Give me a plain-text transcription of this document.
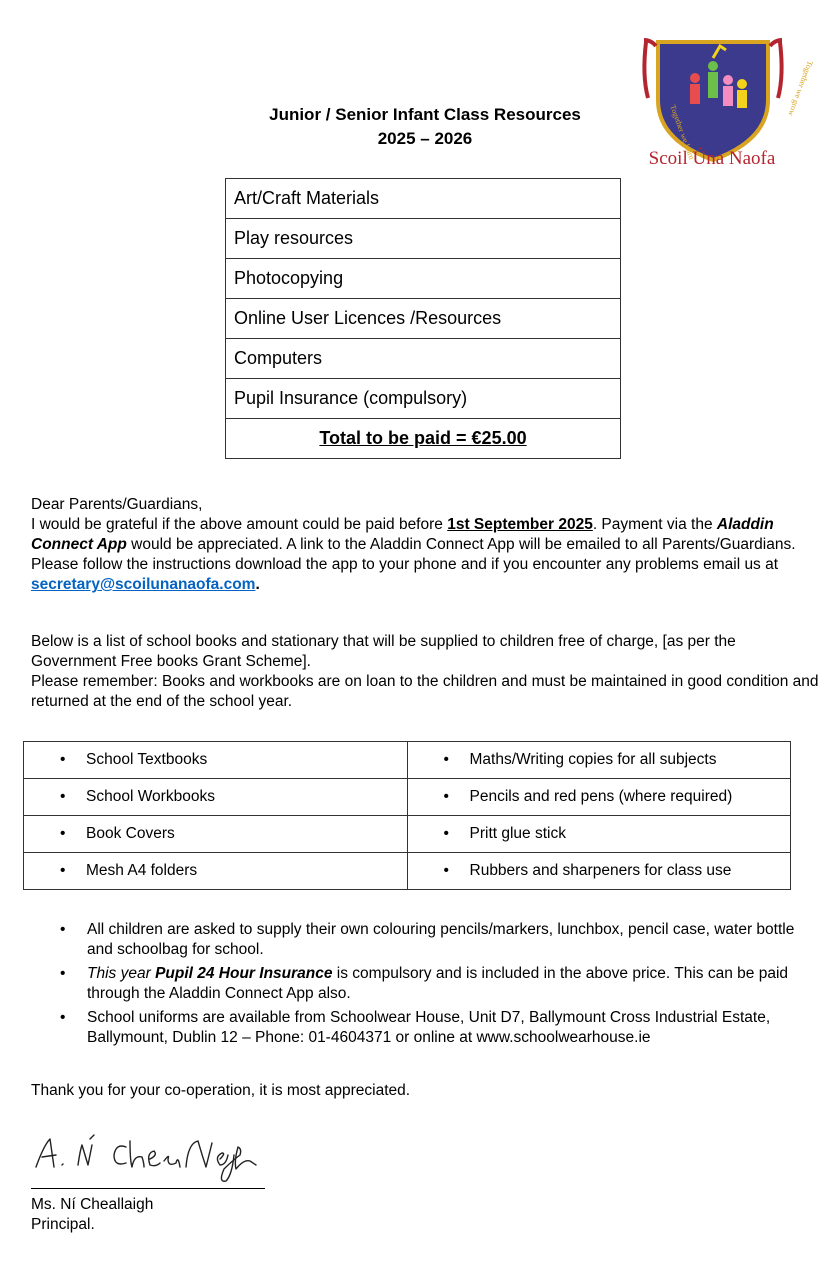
Junior / Senior Infant Class Resources
2025 – 2026	Together we learn
Together we grow
Scoil Úna Naofa
Art/Craft Materials
Play resources
Photocopying
Online User Licences /Resources
Computers
Pupil Insurance (compulsory)
Total to be paid = €25.00
Dear Parents/Guardians,
I would be grateful if the above amount could be paid before 1st September 2025. Payment via the Aladdin Connect App would be appreciated. A link to the Aladdin Connect App will be emailed to all Parents/Guardians. Please follow the instructions download the app to your phone and if you encounter any problems email us at secretary@scoilunanaofa.com.
Below is a list of school books and stationary that will be supplied to children free of charge, [as per the Government Free books Grant Scheme].
Please remember: Books and workbooks are on loan to the children and must be maintained in good condition and returned at the end of the school year.
• School Textbooks	• Maths/Writing copies for all subjects
• School Workbooks	• Pencils and red pens (where required)
• Book Covers	• Pritt glue stick
• Mesh A4 folders	• Rubbers and sharpeners for class use
• All children are asked to supply their own colouring pencils/markers, lunchbox, pencil case, water bottle and schoolbag for school.
• This year Pupil 24 Hour Insurance is compulsory and is included in the above price. This can be paid through the Aladdin Connect App also.
• School uniforms are available from Schoolwear House, Unit D7, Ballymount Cross Industrial Estate, Ballymount, Dublin 12 – Phone: 01-4604371 or online at www.schoolwearhouse.ie
Thank you for your co-operation, it is most appreciated.
Ms. Ní Cheallaigh
Principal.
